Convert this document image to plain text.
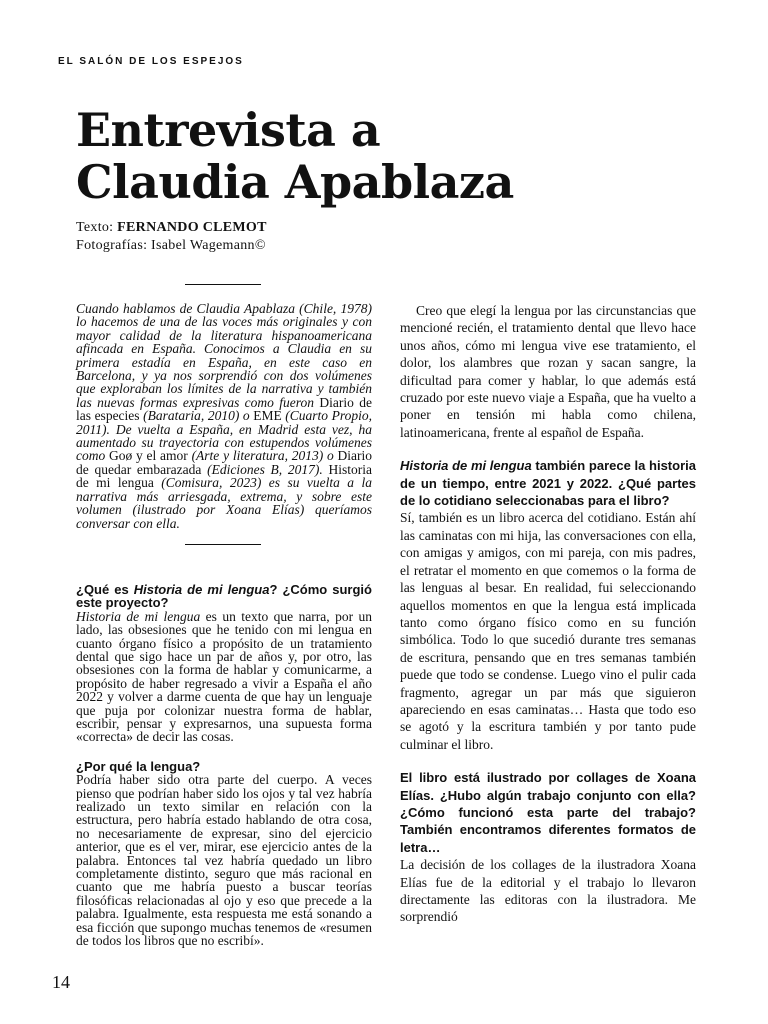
EL SALÓN DE LOS ESPEJOS
Entrevista a
Claudia Apablaza
Texto: FERNANDO CLEMOT
Fotografías: Isabel Wagemann©

Cuando hablamos de Claudia Apablaza (Chile, 1978) lo hacemos de una de las voces más originales y con mayor calidad de la literatura hispanoamericana afincada en España. Conocimos a Claudia en su primera estadía en España, en este caso en Barcelona, y ya nos sorprendió con dos volúmenes que exploraban los límites de la narrativa y también las nuevas formas expresivas como fueron Diario de las especies (Barataria, 2010) o EME (Cuarto Propio, 2011). De vuelta a España, en Madrid esta vez, ha aumentado su trayectoria con estupendos volúmenes como Goø y el amor (Arte y literatura, 2013) o Diario de quedar embarazada (Ediciones B, 2017). Historia de mi lengua (Comisura, 2023) es su vuelta a la narrativa más arriesgada, extrema, y sobre este volumen (ilustrado por Xoana Elías) queríamos conversar con ella.

¿Qué es Historia de mi lengua? ¿Cómo surgió este proyecto?

Historia de mi lengua es un texto que narra, por un lado, las obsesiones que he tenido con mi lengua en cuanto órgano físico a propósito de un tratamiento dental que sigo hace un par de años y, por otro, las obsesiones con la forma de hablar y comunicarme, a propósito de haber regresado a vivir a España el año 2022 y volver a darme cuenta de que hay un lenguaje que puja por colonizar nuestra forma de hablar, escribir, pensar y expresarnos, una supuesta forma «correcta» de decir las cosas.

¿Por qué la lengua?

Podría haber sido otra parte del cuerpo. A veces pienso que podrían haber sido los ojos y tal vez habría realizado un texto similar en relación con la estructura, pero habría estado hablando de otra cosa, no necesariamente de expresar, sino del ejercicio anterior, que es el ver, mirar, ese ejercicio antes de la palabra. Entonces tal vez habría quedado un libro completamente distinto, seguro que más racional en cuanto que me habría puesto a buscar teorías filosóficas relacionadas al ojo y eso que precede a la palabra. Igualmente, esta respuesta me está sonando a esa ficción que supongo muchas tenemos de «resumen de todos los libros que no escribí».

Creo que elegí la lengua por las circunstancias que mencioné recién, el tratamiento dental que llevo hace unos años, cómo mi lengua vive ese tratamiento, el dolor, los alambres que rozan y sacan sangre, la dificultad para comer y hablar, lo que además está cruzado por este nuevo viaje a España, que ha vuelto a poner en tensión mi habla como chilena, latinoamericana, frente al español de España.

Historia de mi lengua también parece la historia de un tiempo, entre 2021 y 2022. ¿Qué partes de lo cotidiano seleccionabas para el libro?

Sí, también es un libro acerca del cotidiano. Están ahí las caminatas con mi hija, las conversaciones con ella, con amigas y amigos, con mi pareja, con mis padres, el retratar el momento en que comemos o la forma de las lenguas al besar. En realidad, fui seleccionando aquellos momentos en que la lengua está implicada tanto como órgano físico como en su función simbólica. Todo lo que sucedió durante tres semanas de escritura, pensando que en tres semanas también puede que todo se condense. Luego vino el pulir cada fragmento, agregar un par más que siguieron apareciendo en esas caminatas… Hasta que todo eso se agotó y la escritura también y por tanto pude culminar el libro.

El libro está ilustrado por collages de Xoana Elías. ¿Hubo algún trabajo conjunto con ella? ¿Cómo funcionó esta parte del trabajo? También encontramos diferentes formatos de letra…

La decisión de los collages de la ilustradora Xoana Elías fue de la editorial y el trabajo lo llevaron directamente las editoras con la ilustradora. Me sorprendió

14
